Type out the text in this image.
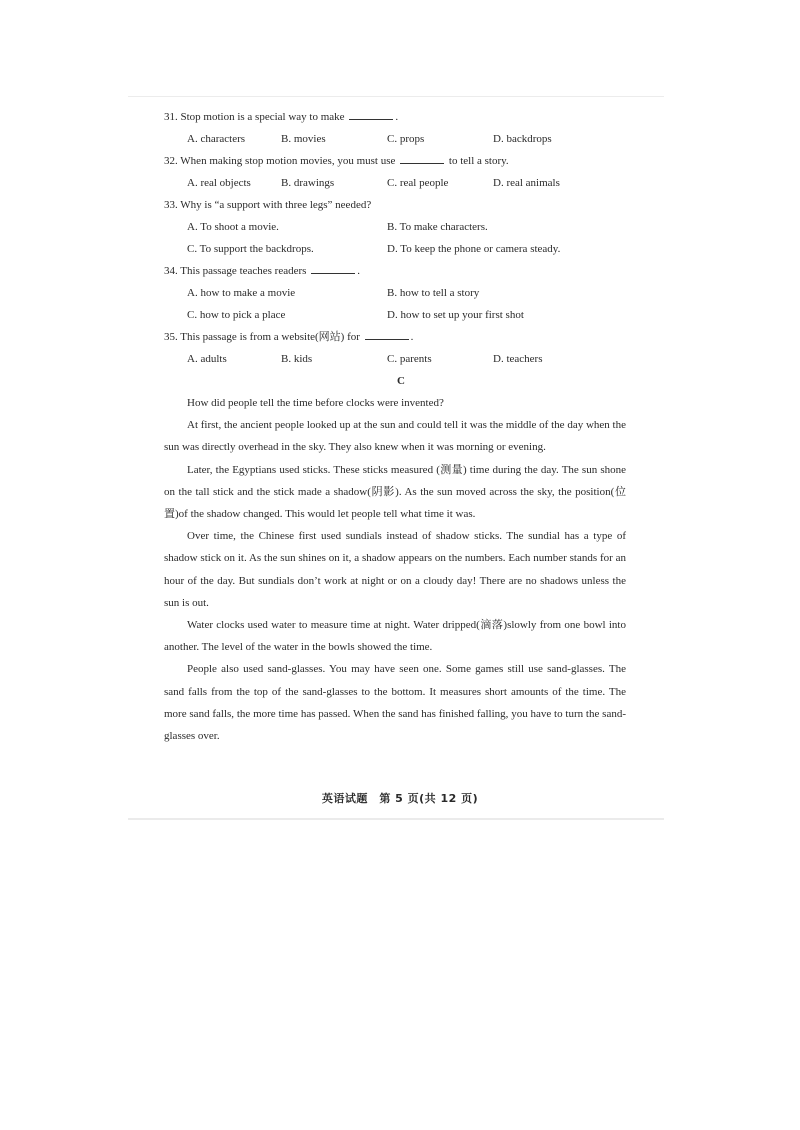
31. Stop motion is a special way to make	.
A. characters	B. movies	C. props	D. backdrops
32. When making stop motion movies, you must use	to tell a story.
A. real objects	B. drawings	C. real people	D. real animals
33. Why is “a support with three legs” needed?
A. To shoot a movie.	B. To make characters.
C. To support the backdrops.	D. To keep the phone or camera steady.
34. This passage teaches readers	.
A. how to make a movie	B. how to tell a story
C. how to pick a place	D. how to set up your first shot
35. This passage is from a website(网站) for	.
A. adults	B. kids	C. parents	D. teachers
C

How did people tell the time before clocks were invented?

At first, the ancient people looked up at the sun and could tell it was the middle of the day when the sun was directly overhead in the sky. They also knew when it was morning or evening.

Later, the Egyptians used sticks. These sticks measured (测量) time during the day. The sun shone on the tall stick and the stick made a shadow(阴影). As the sun moved across the sky, the position(位置)of the shadow changed. This would let people tell what time it was.

Over time, the Chinese first used sundials instead of shadow sticks. The sundial has a type of shadow stick on it. As the sun shines on it, a shadow appears on the numbers. Each number stands for an hour of the day. But sundials don’t work at night or on a cloudy day! There are no shadows unless the sun is out.

Water clocks used water to measure time at night. Water dripped(滴落)slowly from one bowl into another. The level of the water in the bowls showed the time.

People also used sand-glasses. You may have seen one. Some games still use sand-glasses. The sand falls from the top of the sand-glasses to the bottom. It measures short amounts of the time. The more sand falls, the more time has passed. When the sand has finished falling, you have to turn the sand-glasses over.

英语试题　第 5 页(共 12 页)
